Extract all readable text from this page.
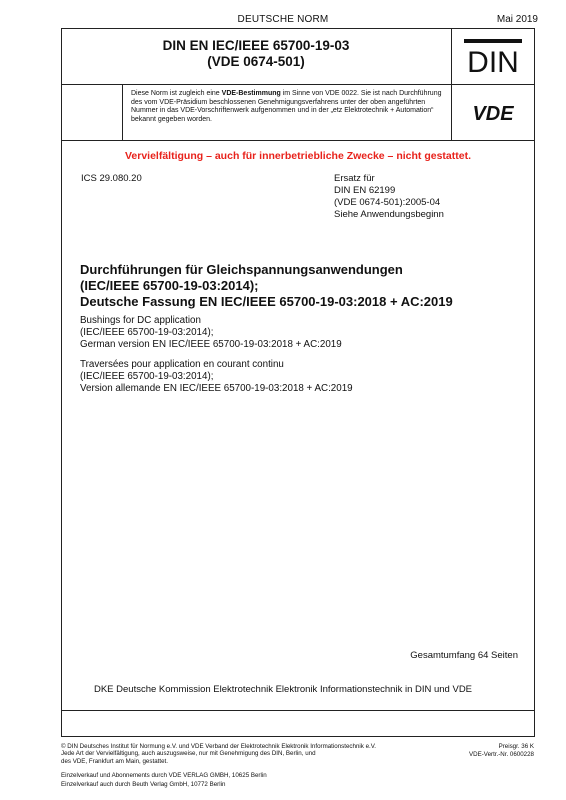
DEUTSCHE NORM	Mai 2019
DIN EN IEC/IEEE 65700-19-03
(VDE 0674-501)	DIN
Diese Norm ist zugleich eine VDE-Bestimmung im Sinne von VDE 0022. Sie ist nach Durchführung des vom VDE-Präsidium beschlossenen Genehmigungsverfahrens unter der oben angeführten Nummer in das VDE-Vorschriftenwerk aufgenommen und in der „etz Elektrotechnik + Automation“ bekannt gegeben worden.	VDE
Vervielfältigung – auch für innerbetriebliche Zwecke – nicht gestattet.
ICS 29.080.20	Ersatz für
DIN EN 62199
(VDE 0674-501):2005-04
Siehe Anwendungsbeginn
Durchführungen für Gleichspannungsanwendungen
(IEC/IEEE 65700-19-03:2014);
Deutsche Fassung EN IEC/IEEE 65700-19-03:2018 + AC:2019
Bushings for DC application
(IEC/IEEE 65700-19-03:2014);
German version EN IEC/IEEE 65700-19-03:2018 + AC:2019
Traversées pour application en courant continu
(IEC/IEEE 65700-19-03:2014);
Version allemande EN IEC/IEEE 65700-19-03:2018 + AC:2019
Gesamtumfang 64 Seiten
DKE Deutsche Kommission Elektrotechnik Elektronik Informationstechnik in DIN und VDE
© DIN Deutsches Institut für Normung e.V. und VDE Verband der Elektrotechnik Elektronik Informationstechnik e.V.
Jede Art der Vervielfältigung, auch auszugsweise, nur mit Genehmigung des DIN, Berlin, und
des VDE, Frankfurt am Main, gestattet.
Preisgr. 36 K
VDE-Vertr.-Nr. 0600228
Einzelverkauf und Abonnements durch VDE VERLAG GMBH, 10625 Berlin
Einzelverkauf auch durch Beuth Verlag GmbH, 10772 Berlin
